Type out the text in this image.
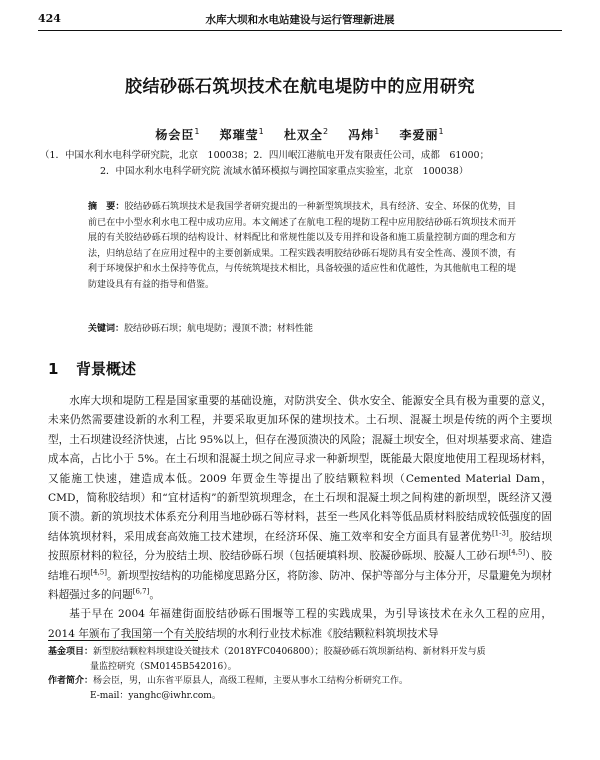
424	水库大坝和水电站建设与运行管理新进展
胶结砂砾石筑坝技术在航电堤防中的应用研究
杨会臣$^1$ 郑璀莹$^1$ 杜双全$^2$ 冯炜$^1$ 李爱丽$^1$
（1．中国水利水电科学研究院，北京　100038；2．四川岷江港航电开发有限责任公司，成都　61000；
2．中国水利水电科学研究院 流域水循环模拟与调控国家重点实验室，北京　100038）
摘　要：胶结砂砾石筑坝技术是我国学者研究提出的一种新型筑坝技术，具有经济、安全、环保的优势，目前已在中小型水利水电工程中成功应用。本文阐述了在航电工程的堤防工程中应用胶结砂砾石筑坝技术而开展的有关胶结砂砾石坝的结构设计、材料配比和常规性能以及专用拌和设备和施工质量控制方面的理念和方法，归纳总结了在应用过程中的主要创新成果。工程实践表明胶结砂砾石堤防具有安全性高、漫顶不溃，有利于环境保护和水土保持等优点，与传统筑堤技术相比，具备较强的适应性和优越性，为其他航电工程的堤防建设具有有益的指导和借鉴。
关键词：胶结砂砾石坝；航电堤防；漫顶不溃；材料性能
1 背景概述

水库大坝和堤防工程是国家重要的基础设施，对防洪安全、供水安全、能源安全具有极为重要的意义，未来仍然需要建设新的水利工程，并要采取更加环保的建坝技术。土石坝、混凝土坝是传统的两个主要坝型，土石坝建设经济快速，占比 95%以上，但存在漫顶溃决的风险；混凝土坝安全，但对坝基要求高、建造成本高，占比小于 5%。在土石坝和混凝土坝之间应寻求一种新坝型，既能最大限度地使用工程现场材料，又能施工快速，建造成本低。2009 年贾金生等提出了胶结颗粒料坝（Cemented Material Dam，CMD，简称胶结坝）和“宜材适构”的新型筑坝理念，在土石坝和混凝土坝之间构建的新坝型，既经济又漫顶不溃。新的筑坝技术体系充分利用当地砂砾石等材料，甚至一些风化料等低品质材料胶结成较低强度的固结体筑坝材料，采用成套高效施工技术建坝，在经济环保、施工效率和安全方面具有显著优势[1-3]。胶结坝按照原材料的粒径，分为胶结土坝、胶结砂砾石坝（包括硬填料坝、胶凝砂砾坝、胶凝人工砂石坝[4,5]）、胶结堆石坝[4,5]。新坝型按结构的功能梯度思路分区，将防渗、防冲、保护等部分与主体分开，尽量避免为坝材料超强过多的问题[6,7]。

基于早在 2004 年福建街面胶结砂砾石围堰等工程的实践成果，为引导该技术在永久工程的应用，2014 年颁布了我国第一个有关胶结坝的水利行业技术标准《胶结颗粒料筑坝技术导

基金项目：新型胶结颗粒料坝建设关键技术（2018YFC0406800）；胶凝砂砾石筑坝新结构、新材料开发与质
量监控研究（SM0145B542016）。
作者简介：杨会臣，男，山东省平原县人，高级工程师，主要从事水工结构分析研究工作。
E-mail：yanghc@iwhr.com。
